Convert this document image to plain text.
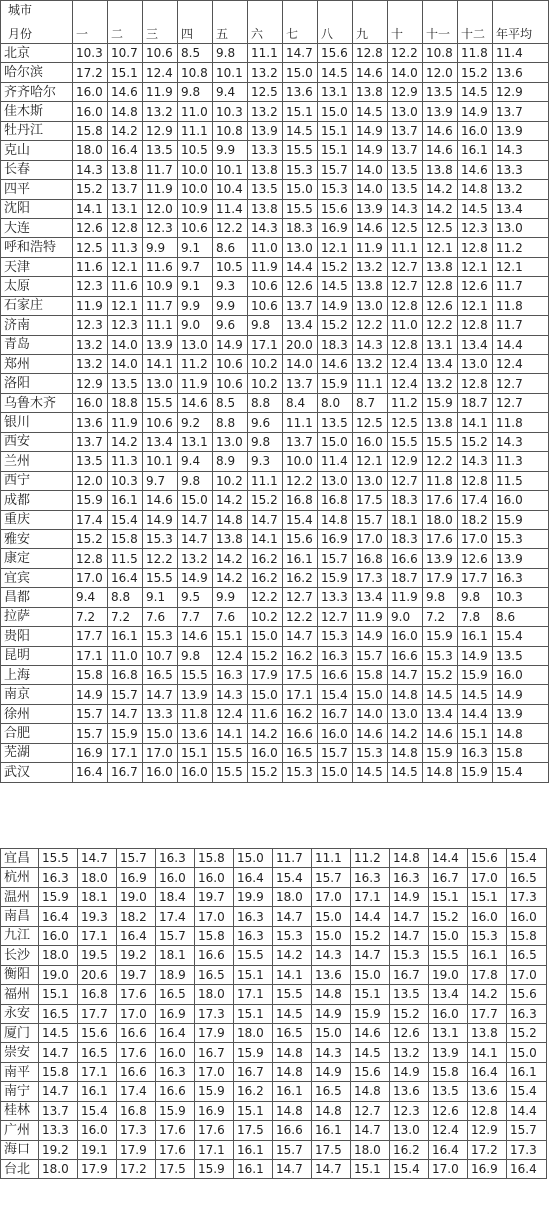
城市
月份	一	二	三	四	五	六	七	八	九	十	十一	十二	年平均
北京	10.3	10.7	10.6	8.5	9.8	11.1	14.7	15.6	12.8	12.2	10.8	11.8	11.4
哈尔滨	17.2	15.1	12.4	10.8	10.1	13.2	15.0	14.5	14.6	14.0	12.0	15.2	13.6
齐齐哈尔	16.0	14.6	11.9	9.8	9.4	12.5	13.6	13.1	13.8	12.9	13.5	14.5	12.9
佳木斯	16.0	14.8	13.2	11.0	10.3	13.2	15.1	15.0	14.5	13.0	13.9	14.9	13.7
牡丹江	15.8	14.2	12.9	11.1	10.8	13.9	14.5	15.1	14.9	13.7	14.6	16.0	13.9
克山	18.0	16.4	13.5	10.5	9.9	13.3	15.5	15.1	14.9	13.7	14.6	16.1	14.3
长春	14.3	13.8	11.7	10.0	10.1	13.8	15.3	15.7	14.0	13.5	13.8	14.6	13.3
四平	15.2	13.7	11.9	10.0	10.4	13.5	15.0	15.3	14.0	13.5	14.2	14.8	13.2
沈阳	14.1	13.1	12.0	10.9	11.4	13.8	15.5	15.6	13.9	14.3	14.2	14.5	13.4
大连	12.6	12.8	12.3	10.6	12.2	14.3	18.3	16.9	14.6	12.5	12.5	12.3	13.0
呼和浩特	12.5	11.3	9.9	9.1	8.6	11.0	13.0	12.1	11.9	11.1	12.1	12.8	11.2
天津	11.6	12.1	11.6	9.7	10.5	11.9	14.4	15.2	13.2	12.7	13.8	12.1	12.1
太原	12.3	11.6	10.9	9.1	9.3	10.6	12.6	14.5	13.8	12.7	12.8	12.6	11.7
石家庄	11.9	12.1	11.7	9.9	9.9	10.6	13.7	14.9	13.0	12.8	12.6	12.1	11.8
济南	12.3	12.3	11.1	9.0	9.6	9.8	13.4	15.2	12.2	11.0	12.2	12.8	11.7
青岛	13.2	14.0	13.9	13.0	14.9	17.1	20.0	18.3	14.3	12.8	13.1	13.4	14.4
郑州	13.2	14.0	14.1	11.2	10.6	10.2	14.0	14.6	13.2	12.4	13.4	13.0	12.4
洛阳	12.9	13.5	13.0	11.9	10.6	10.2	13.7	15.9	11.1	12.4	13.2	12.8	12.7
乌鲁木齐	16.0	18.8	15.5	14.6	8.5	8.8	8.4	8.0	8.7	11.2	15.9	18.7	12.7
银川	13.6	11.9	10.6	9.2	8.8	9.6	11.1	13.5	12.5	12.5	13.8	14.1	11.8
西安	13.7	14.2	13.4	13.1	13.0	9.8	13.7	15.0	16.0	15.5	15.5	15.2	14.3
兰州	13.5	11.3	10.1	9.4	8.9	9.3	10.0	11.4	12.1	12.9	12.2	14.3	11.3
西宁	12.0	10.3	9.7	9.8	10.2	11.1	12.2	13.0	13.0	12.7	11.8	12.8	11.5
成都	15.9	16.1	14.6	15.0	14.2	15.2	16.8	16.8	17.5	18.3	17.6	17.4	16.0
重庆	17.4	15.4	14.9	14.7	14.8	14.7	15.4	14.8	15.7	18.1	18.0	18.2	15.9
雅安	15.2	15.8	15.3	14.7	13.8	14.1	15.6	16.9	17.0	18.3	17.6	17.0	15.3
康定	12.8	11.5	12.2	13.2	14.2	16.2	16.1	15.7	16.8	16.6	13.9	12.6	13.9
宜宾	17.0	16.4	15.5	14.9	14.2	16.2	16.2	15.9	17.3	18.7	17.9	17.7	16.3
昌都	9.4	8.8	9.1	9.5	9.9	12.2	12.7	13.3	13.4	11.9	9.8	9.8	10.3
拉萨	7.2	7.2	7.6	7.7	7.6	10.2	12.2	12.7	11.9	9.0	7.2	7.8	8.6
贵阳	17.7	16.1	15.3	14.6	15.1	15.0	14.7	15.3	14.9	16.0	15.9	16.1	15.4
昆明	17.1	11.0	10.7	9.8	12.4	15.2	16.2	16.3	15.7	16.6	15.3	14.9	13.5
上海	15.8	16.8	16.5	15.5	16.3	17.9	17.5	16.6	15.8	14.7	15.2	15.9	16.0
南京	14.9	15.7	14.7	13.9	14.3	15.0	17.1	15.4	15.0	14.8	14.5	14.5	14.9
徐州	15.7	14.7	13.3	11.8	12.4	11.6	16.2	16.7	14.0	13.0	13.4	14.4	13.9
合肥	15.7	15.9	15.0	13.6	14.1	14.2	16.6	16.0	14.6	14.2	14.6	15.1	14.8
芜湖	16.9	17.1	17.0	15.1	15.5	16.0	16.5	15.7	15.3	14.8	15.9	16.3	15.8
武汉	16.4	16.7	16.0	16.0	15.5	15.2	15.3	15.0	14.5	14.5	14.8	15.9	15.4
宜昌	15.5	14.7	15.7	16.3	15.8	15.0	11.7	11.1	11.2	14.8	14.4	15.6	15.4
杭州	16.3	18.0	16.9	16.0	16.0	16.4	15.4	15.7	16.3	16.3	16.7	17.0	16.5
温州	15.9	18.1	19.0	18.4	19.7	19.9	18.0	17.0	17.1	14.9	15.1	15.1	17.3
南昌	16.4	19.3	18.2	17.4	17.0	16.3	14.7	15.0	14.4	14.7	15.2	16.0	16.0
九江	16.0	17.1	16.4	15.7	15.8	16.3	15.3	15.0	15.2	14.7	15.0	15.3	15.8
长沙	18.0	19.5	19.2	18.1	16.6	15.5	14.2	14.3	14.7	15.3	15.5	16.1	16.5
衡阳	19.0	20.6	19.7	18.9	16.5	15.1	14.1	13.6	15.0	16.7	19.0	17.8	17.0
福州	15.1	16.8	17.6	16.5	18.0	17.1	15.5	14.8	15.1	13.5	13.4	14.2	15.6
永安	16.5	17.7	17.0	16.9	17.3	15.1	14.5	14.9	15.9	15.2	16.0	17.7	16.3
厦门	14.5	15.6	16.6	16.4	17.9	18.0	16.5	15.0	14.6	12.6	13.1	13.8	15.2
崇安	14.7	16.5	17.6	16.0	16.7	15.9	14.8	14.3	14.5	13.2	13.9	14.1	15.0
南平	15.8	17.1	16.6	16.3	17.0	16.7	14.8	14.9	15.6	14.9	15.8	16.4	16.1
南宁	14.7	16.1	17.4	16.6	15.9	16.2	16.1	16.5	14.8	13.6	13.5	13.6	15.4
桂林	13.7	15.4	16.8	15.9	16.9	15.1	14.8	14.8	12.7	12.3	12.6	12.8	14.4
广州	13.3	16.0	17.3	17.6	17.6	17.5	16.6	16.1	14.7	13.0	12.4	12.9	15.7
海口	19.2	19.1	17.9	17.6	17.1	16.1	15.7	17.5	18.0	16.2	16.4	17.2	17.3
台北	18.0	17.9	17.2	17.5	15.9	16.1	14.7	14.7	15.1	15.4	17.0	16.9	16.4
